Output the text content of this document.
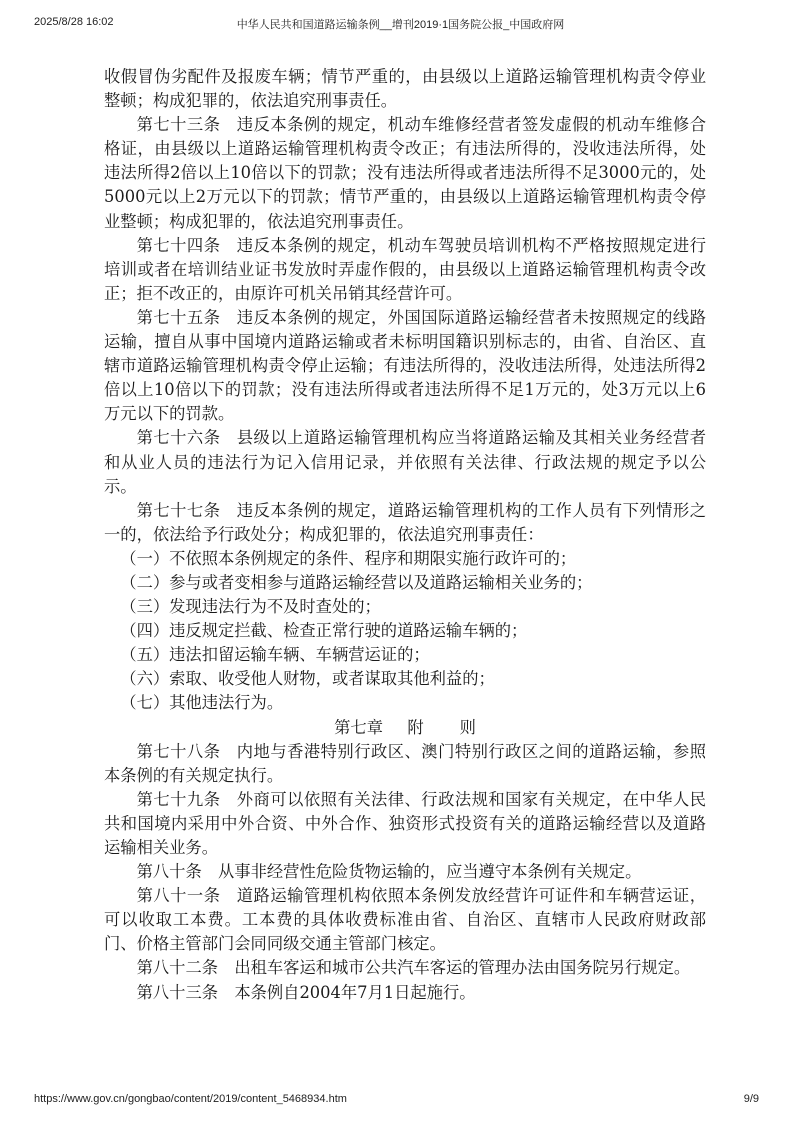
2025/8/28 16:02	中华人民共和国道路运输条例__增刊2019·1国务院公报_中国政府网

收假冒伪劣配件及报废车辆；情节严重的，由县级以上道路运输管理机构责令停业整顿；构成犯罪的，依法追究刑事责任。

第七十三条 违反本条例的规定，机动车维修经营者签发虚假的机动车维修合格证，由县级以上道路运输管理机构责令改正；有违法所得的，没收违法所得，处违法所得2倍以上10倍以下的罚款；没有违法所得或者违法所得不足3000元的，处5000元以上2万元以下的罚款；情节严重的，由县级以上道路运输管理机构责令停业整顿；构成犯罪的，依法追究刑事责任。

第七十四条 违反本条例的规定，机动车驾驶员培训机构不严格按照规定进行培训或者在培训结业证书发放时弄虚作假的，由县级以上道路运输管理机构责令改正；拒不改正的，由原许可机关吊销其经营许可。

第七十五条 违反本条例的规定，外国国际道路运输经营者未按照规定的线路运输，擅自从事中国境内道路运输或者未标明国籍识别标志的，由省、自治区、直辖市道路运输管理机构责令停止运输；有违法所得的，没收违法所得，处违法所得2倍以上10倍以下的罚款；没有违法所得或者违法所得不足1万元的，处3万元以上6万元以下的罚款。

第七十六条 县级以上道路运输管理机构应当将道路运输及其相关业务经营者和从业人员的违法行为记入信用记录，并依照有关法律、行政法规的规定予以公示。

第七十七条 违反本条例的规定，道路运输管理机构的工作人员有下列情形之一的，依法给予行政处分；构成犯罪的，依法追究刑事责任：

（一）不依照本条例规定的条件、程序和期限实施行政许可的；

（二）参与或者变相参与道路运输经营以及道路运输相关业务的；

（三）发现违法行为不及时查处的；

（四）违反规定拦截、检查正常行驶的道路运输车辆的；

（五）违法扣留运输车辆、车辆营运证的；

（六）索取、收受他人财物，或者谋取其他利益的；

（七）其他违法行为。

第七章 附 则

第七十八条 内地与香港特别行政区、澳门特别行政区之间的道路运输，参照本条例的有关规定执行。

第七十九条 外商可以依照有关法律、行政法规和国家有关规定，在中华人民共和国境内采用中外合资、中外合作、独资形式投资有关的道路运输经营以及道路运输相关业务。

第八十条 从事非经营性危险货物运输的，应当遵守本条例有关规定。

第八十一条 道路运输管理机构依照本条例发放经营许可证件和车辆营运证，可以收取工本费。工本费的具体收费标准由省、自治区、直辖市人民政府财政部门、价格主管部门会同同级交通主管部门核定。

第八十二条 出租车客运和城市公共汽车客运的管理办法由国务院另行规定。

第八十三条 本条例自2004年7月1日起施行。

https://www.gov.cn/gongbao/content/2019/content_5468934.htm	9/9
